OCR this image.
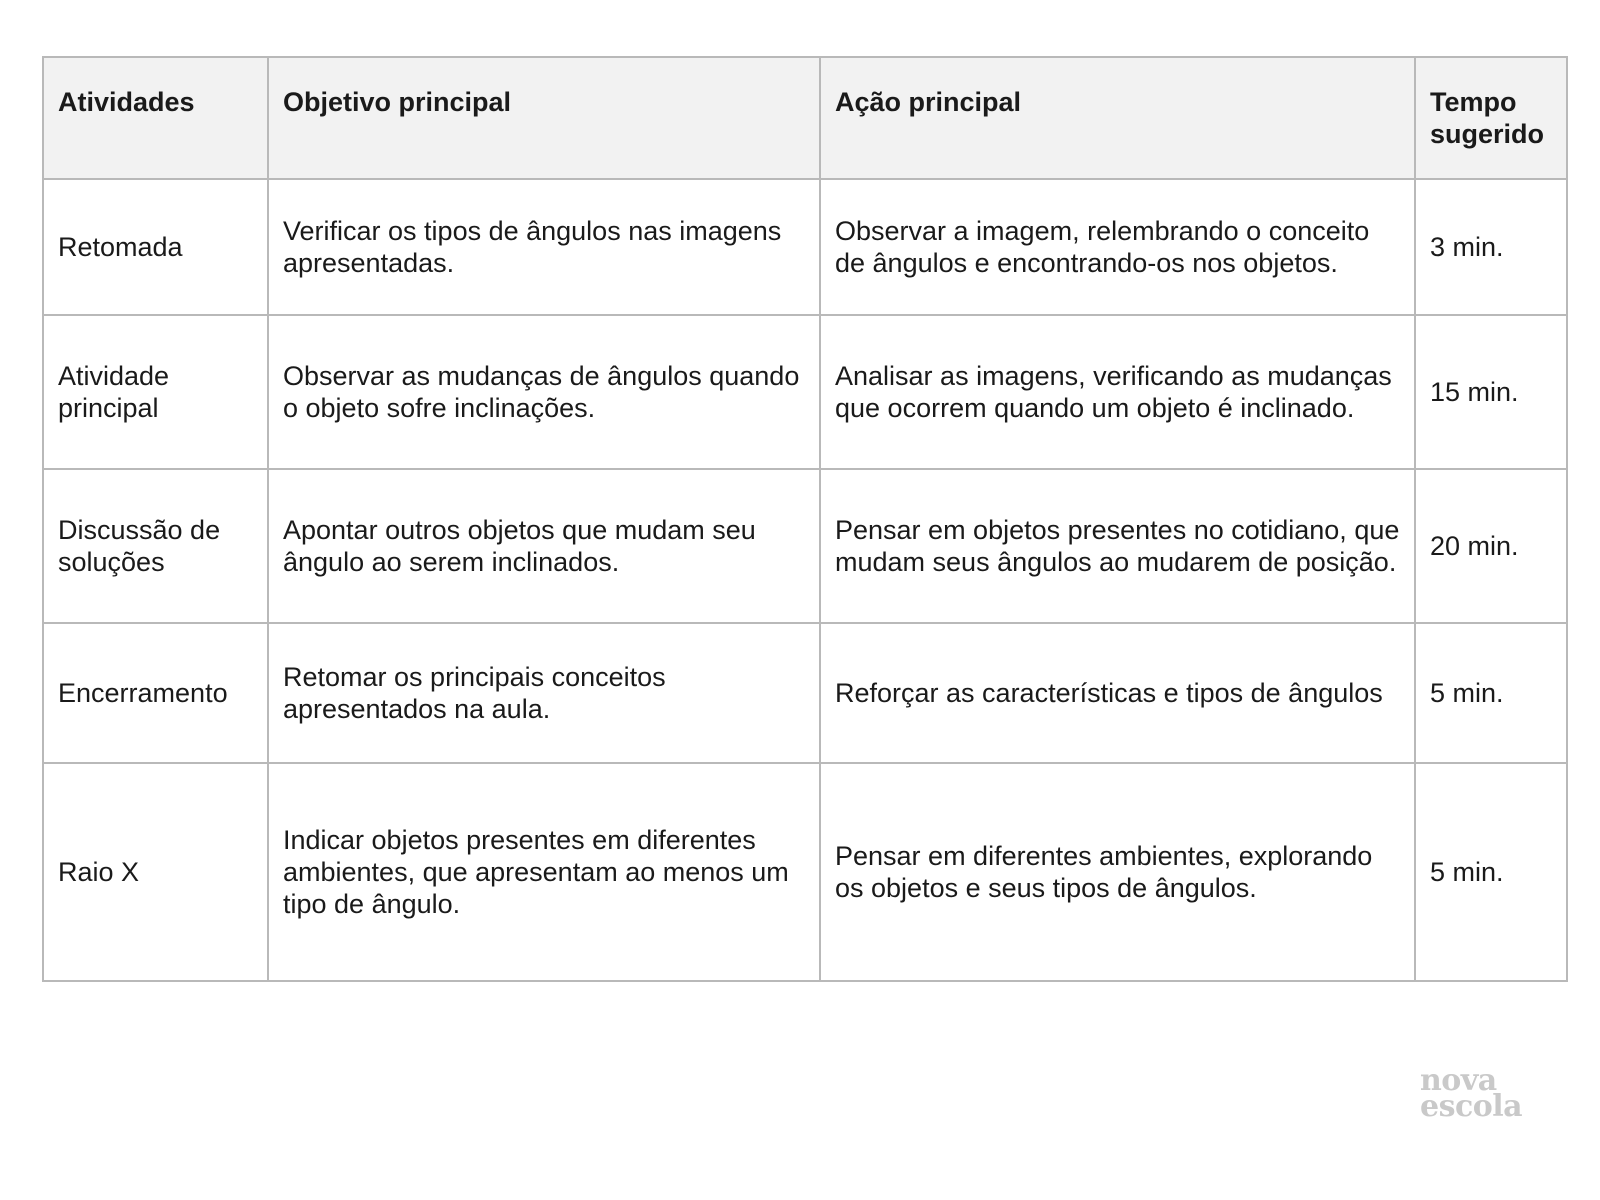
Atividades	Objetivo principal	Ação principal	Tempo sugerido
Retomada	Verificar os tipos de ângulos nas imagens apresentadas.	Observar a imagem, relembrando o conceito de ângulos e encontrando-os nos objetos.	3 min.
Atividade principal	Observar as mudanças de ângulos quando o objeto sofre inclinações.	Analisar as imagens, verificando as mudanças que ocorrem quando um objeto é inclinado.	15 min.
Discussão de soluções	Apontar outros objetos que mudam seu ângulo ao serem inclinados.	Pensar em objetos presentes no cotidiano, que mudam seus ângulos ao mudarem de posição.	20 min.
Encerramento	Retomar os principais conceitos apresentados na aula.	Reforçar as características e tipos de ângulos	5 min.
Raio X	Indicar objetos presentes em diferentes ambientes, que apresentam ao menos um tipo de ângulo.	Pensar em diferentes ambientes, explorando os objetos e seus tipos de ângulos.	5 min.
nova
escola
